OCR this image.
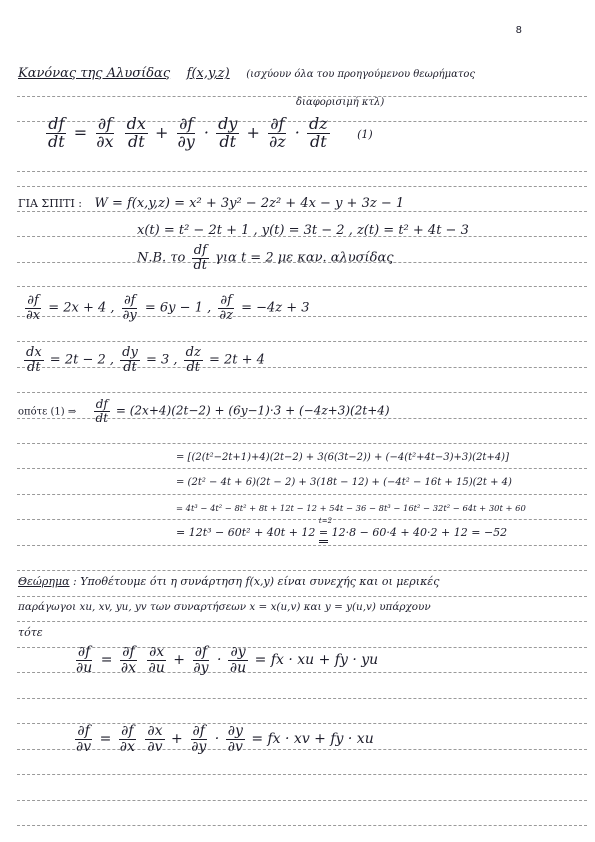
8
Κανόνας της Αλυσίδας f(x,y,z) (ισχύουν όλα του προηγούμενου θεωρήματος
διαφορισιμή κτλ)
$\frac{df}{dt} = \frac{\partial f}{\partial x}$
$\frac{dx}{dt} + \frac{\partial f}{\partial y} \cdot \frac{dy}{dt} + \frac{\partial f}{\partial z} \cdot \frac{dz}{dt} (1)$
ΓΙΑ ΣΠΙΤΙ : W = f(x,y,z) = x² + 3y² − 2z² + 4x − y + 3z − 1
x(t) = t² − 2t + 1 , y(t) = 3t − 2 , z(t) = t² + 4t − 3
Ν.Β. το $\frac{df}{dt}$ για t = 2 με καν. αλυσίδας
$\frac{\partial f}{\partial x} = 2x + 4$ , $\frac{\partial f}{\partial y} = 6y - 1$ , $\frac{\partial f}{\partial z} = -4z + 3$
$\frac{dx}{dt} = 2t - 2$ , $\frac{dy}{dt} = 3$ , $\frac{dz}{dt} = 2t + 4$
οπότε (1) ⇒ $\frac{df}{dt} = (2x+4)(2t-2) + (6y-1)\cdot 3 + (-4z+3)(2t+4)$
= [(2(t²−2t+1)+4)(2t−2) + 3(6(3t−2)) + (−4(t²+4t−3)+3)(2t+4)]
= (2t² − 4t + 6)(2t − 2) + 3(18t − 12) + (−4t² − 16t + 15)(2t + 4)
= 4t³ − 4t² − 8t² + 8t + 12t − 12 + 54t − 36 − 8t³ − 16t² − 32t² − 64t + 30t + 60
= 12t³ − 60t² + 40t + 12
t=2
= 12·8 − 60·4 + 40·2 + 12 = −52
Θεώρημα : Υποθέτουμε ότι η συνάρτηση f(x,y) είναι συνεχής και οι μερικές
παράγωγοι xu, xv, yu, yv των συναρτήσεων x = x(u,v) και y = y(u,v) υπάρχουν
τότε
$\frac{\partial f}{\partial u} = \frac{\partial f}{\partial x}$
$\frac{\partial x}{\partial u} + \frac{\partial f}{\partial y} \cdot \frac{\partial y}{\partial u}$ = fx · xu + fy · yu
$\frac{\partial f}{\partial v} = \frac{\partial f}{\partial x}$
$\frac{\partial x}{\partial v} + \frac{\partial f}{\partial y} \cdot \frac{\partial y}{\partial v}$ = fx · xv + fy · xu
